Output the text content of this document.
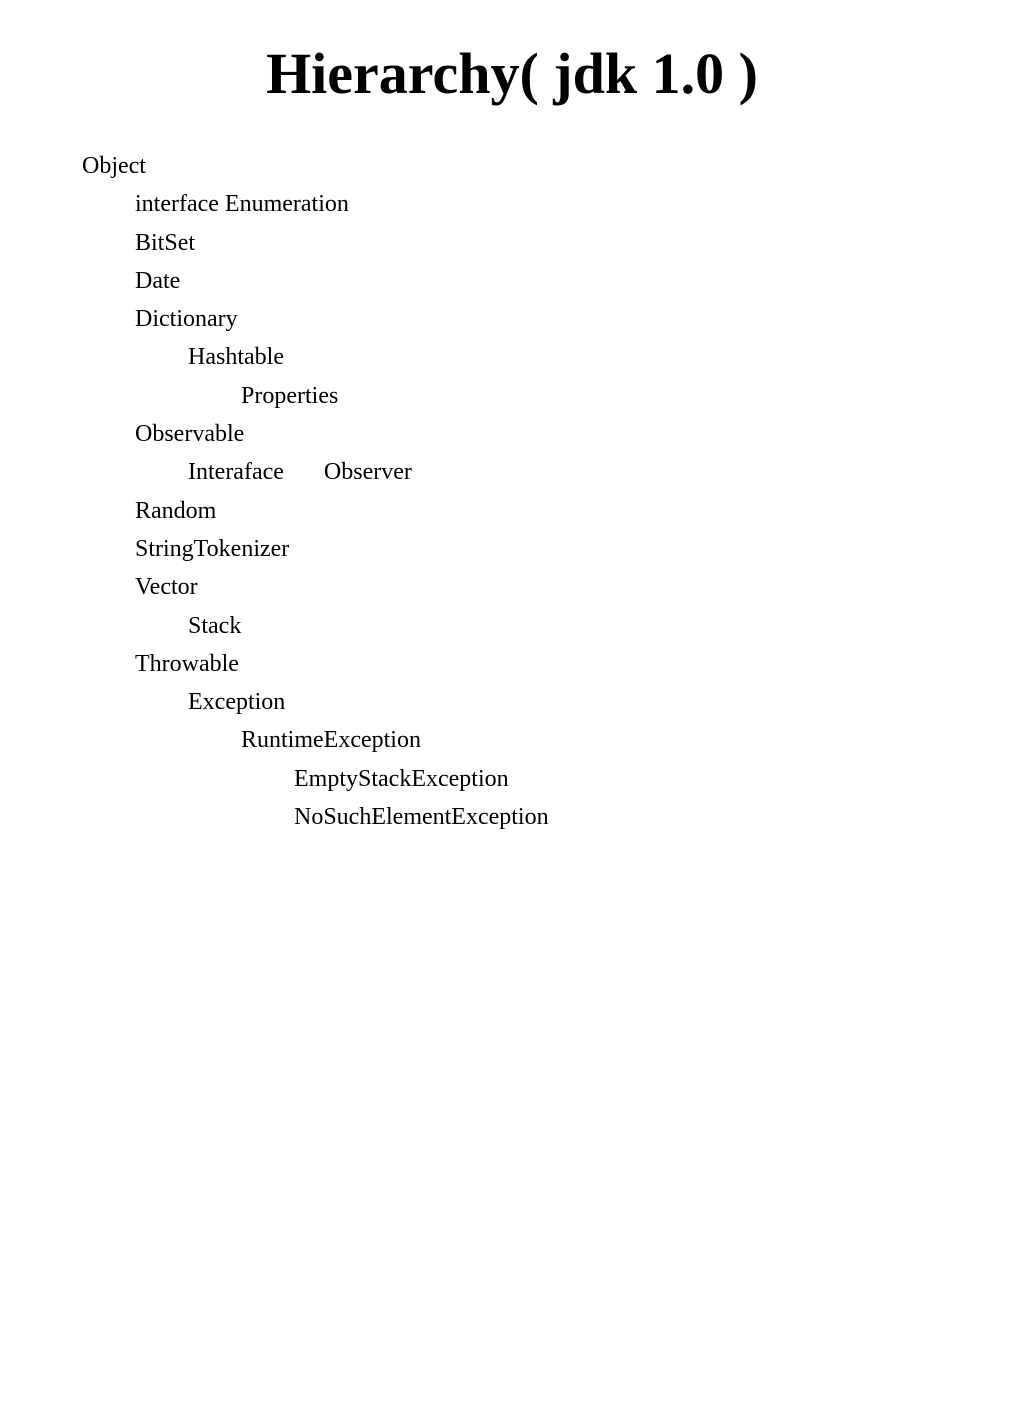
Hierarchy( jdk 1.0 )
Object
interface Enumeration
BitSet
Date
Dictionary
Hashtable
Properties
Observable
Interaface Observer
Random
StringTokenizer
Vector
Stack
Throwable
Exception
RuntimeException
EmptyStackException
NoSuchElementException
